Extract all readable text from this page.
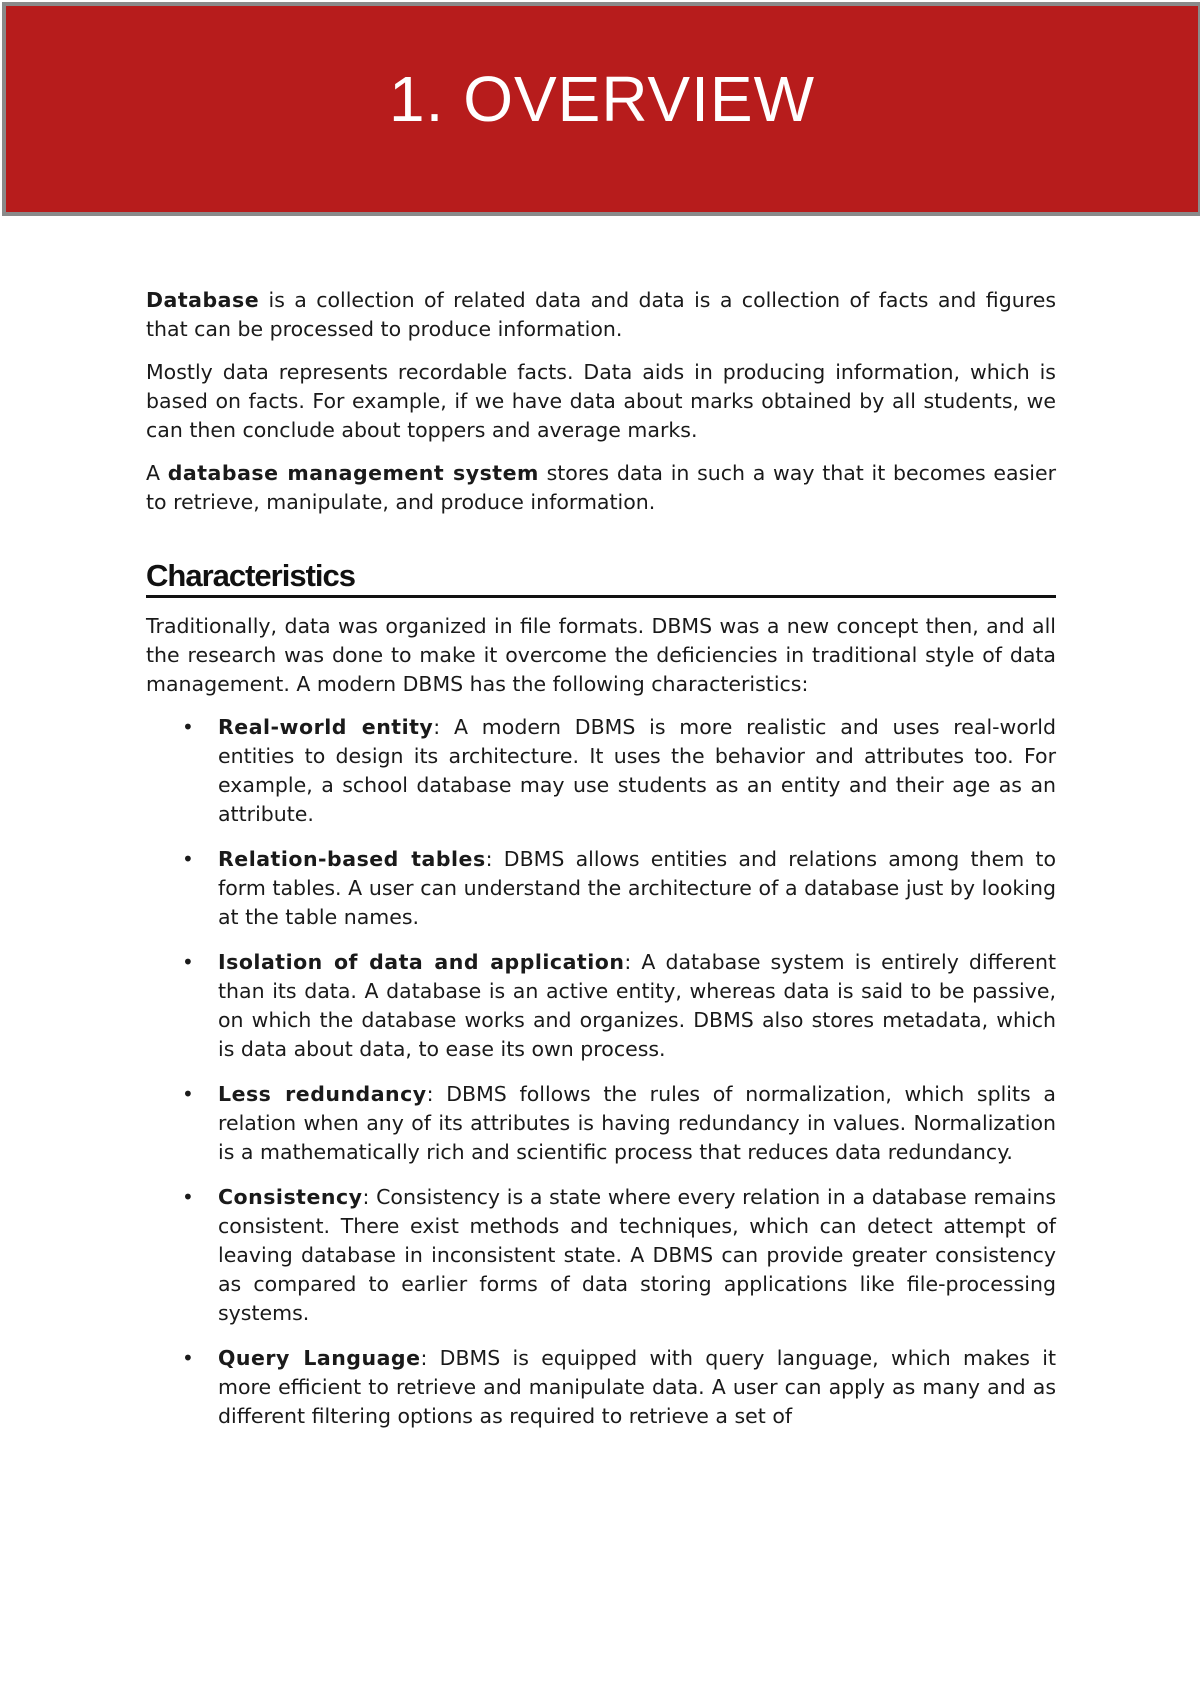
1. OVERVIEW

Database is a collection of related data and data is a collection of facts and figures that can be processed to produce information.

Mostly data represents recordable facts. Data aids in producing information, which is based on facts. For example, if we have data about marks obtained by all students, we can then conclude about toppers and average marks.

A database management system stores data in such a way that it becomes easier to retrieve, manipulate, and produce information.

Characteristics

Traditionally, data was organized in file formats. DBMS was a new concept then, and all the research was done to make it overcome the deficiencies in traditional style of data management. A modern DBMS has the following characteristics:

• Real-world entity: A modern DBMS is more realistic and uses real-world entities to design its architecture. It uses the behavior and attributes too. For example, a school database may use students as an entity and their age as an attribute.
• Relation-based tables: DBMS allows entities and relations among them to form tables. A user can understand the architecture of a database just by looking at the table names.
• Isolation of data and application: A database system is entirely different than its data. A database is an active entity, whereas data is said to be passive, on which the database works and organizes. DBMS also stores metadata, which is data about data, to ease its own process.
• Less redundancy: DBMS follows the rules of normalization, which splits a relation when any of its attributes is having redundancy in values. Normalization is a mathematically rich and scientific process that reduces data redundancy.
• Consistency: Consistency is a state where every relation in a database remains consistent. There exist methods and techniques, which can detect attempt of leaving database in inconsistent state. A DBMS can provide greater consistency as compared to earlier forms of data storing applications like file-processing systems.
• Query Language: DBMS is equipped with query language, which makes it more efficient to retrieve and manipulate data. A user can apply as many and as different filtering options as required to retrieve a set of
